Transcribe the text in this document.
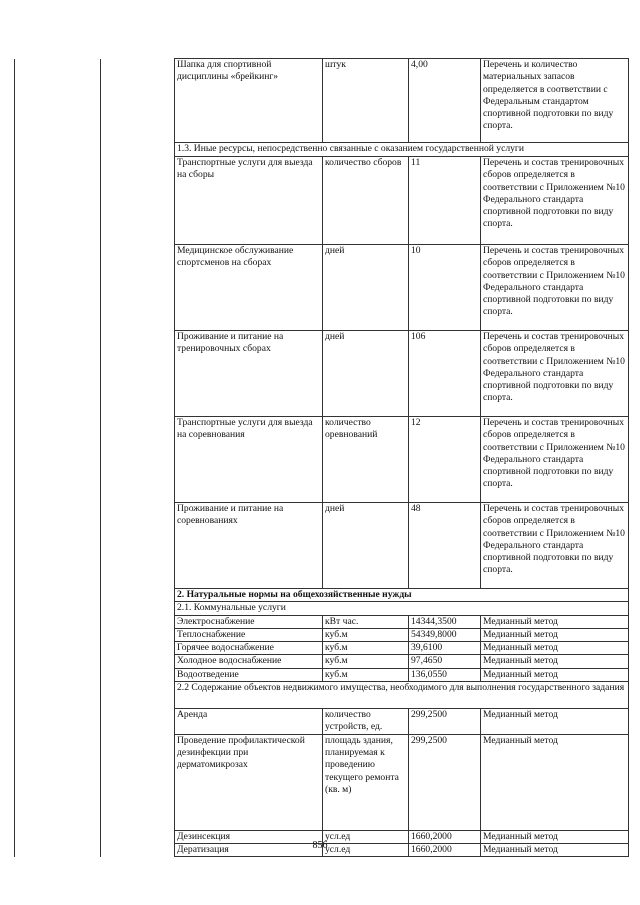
		Шапка для спортивной дисциплины «брейкинг»	штук	4,00	Перечень и количество материальных запасов определяется в соответствии с Федеральным стандартом спортивной подготовки по виду спорта.
		1.3. Иные ресурсы, непосредственно связанные с оказанием государственной услуги			
		Транспортные услуги для выезда на сборы	количество сборов	11	Перечень и состав тренировочных сборов определяется в соответствии с Приложением №10 Федерального стандарта спортивной подготовки по виду спорта.
		Медицинское обслуживание спортсменов на сборах	дней	10	Перечень и состав тренировочных сборов определяется в соответствии с Приложением №10 Федерального стандарта спортивной подготовки по виду спорта.
		Проживание и питание на тренировочных сборах	дней	106	Перечень и состав тренировочных сборов определяется в соответствии с Приложением №10 Федерального стандарта спортивной подготовки по виду спорта.
		Транспортные услуги для выезда на соревнования	количество оревнований	12	Перечень и состав тренировочных сборов определяется в соответствии с Приложением №10 Федерального стандарта спортивной подготовки по виду спорта.
		Проживание и питание на соревнованиях	дней	48	Перечень и состав тренировочных сборов определяется в соответствии с Приложением №10 Федерального стандарта спортивной подготовки по виду спорта.
		2. Натуральные нормы на общехозяйственные нужды			
		2.1. Коммунальные услуги			
		Электроснабжение	кВт час.	14344,3500	Медианный метод
		Теплоснабжение	куб.м	54349,8000	Медианный метод
		Горячее водоснабжение	куб.м	39,6100	Медианный метод
		Холодное водоснабжение	куб.м	97,4650	Медианный метод
		Водоотведение	куб.м	136,0550	Медианный метод
		2.2 Содержание объектов недвижимого имущества, необходимого для выполнения государственного задания			
		Аренда	количество устройств, ед.	299,2500	Медианный метод
		Проведение профилактической дезинфекции при дерматомикрозах	площадь здания, планируемая к проведению текущего ремонта (кв. м)	299,2500	Медианный метод
		Дезинсекция	усл.ед	1660,2000	Медианный метод
		Дератизация	усл.ед	1660,2000	Медианный метод
856
